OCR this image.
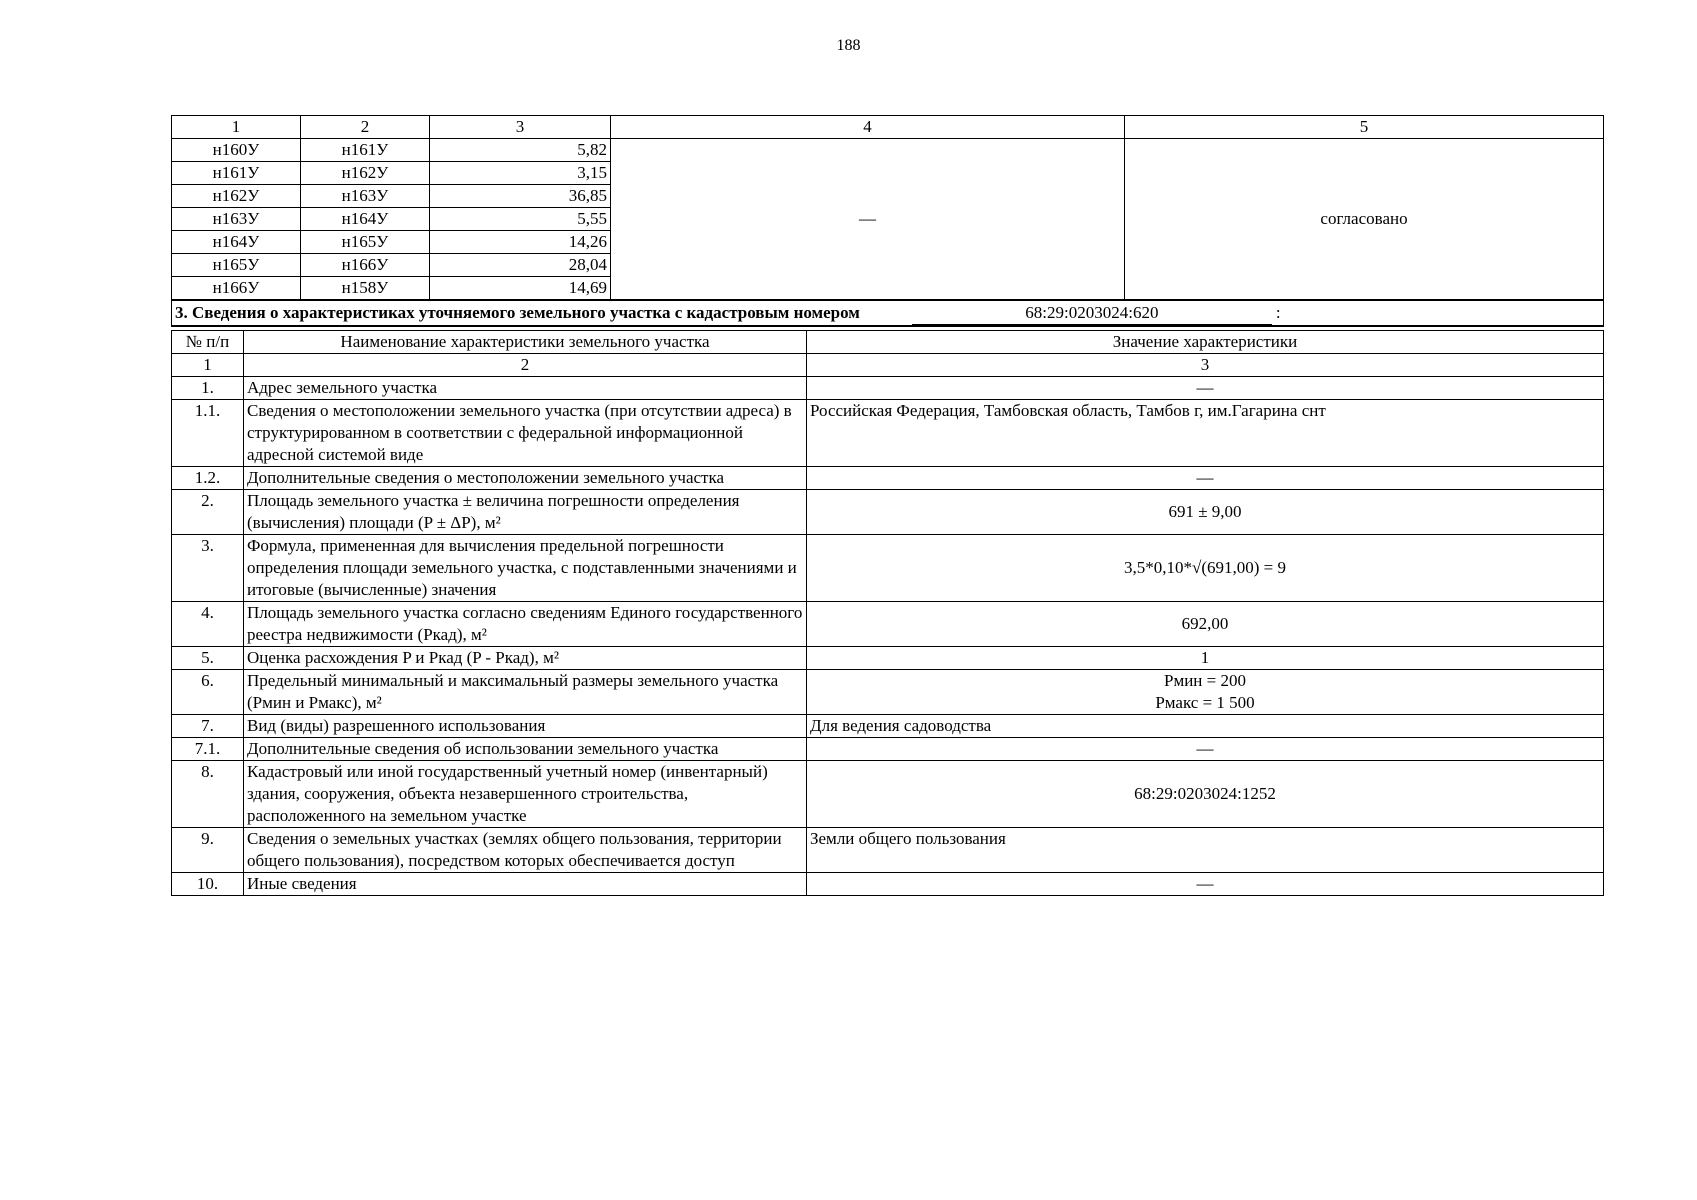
188
1	2	3	4	5
н160У	н161У	5,82	—	согласовано
н161У	н162У	3,15		
н162У	н163У	36,85		
н163У	н164У	5,55		
н164У	н165У	14,26		
н165У	н166У	28,04		
н166У	н158У	14,69		
3. Сведения о характеристиках уточняемого земельного участка с кадастровым номером 68:29:0203024:620 :				
№ п/п	Наименование характеристики земельного участка	Значение характеристики
1	2	3
1.	Адрес земельного участка	—
1.1.	Сведения о местоположении земельного участка (при отсутствии адреса) в структурированном в соответствии с федеральной информационной адресной системой виде	Российская Федерация, Тамбовская область, Тамбов г, им.Гагарина снт
1.2.	Дополнительные сведения о местоположении земельного участка	—
2.	Площадь земельного участка ± величина погрешности определения (вычисления) площади (P ± ΔP), м²	691 ± 9,00
3.	Формула, примененная для вычисления предельной погрешности определения площади земельного участка, с подставленными значениями и итоговые (вычисленные) значения	3,5*0,10*√(691,00) = 9
4.	Площадь земельного участка согласно сведениям Единого государственного реестра недвижимости (Ркад), м²	692,00
5.	Оценка расхождения P и Ркад (P - Ркад), м²	1
6.	Предельный минимальный и максимальный размеры земельного участка (Рмин и Рмакс), м²	Рмин = 200
Рмакс = 1 500

7.	Вид (виды) разрешенного использования	Для ведения садоводства
7.1.	Дополнительные сведения об использовании земельного участка	—
8.	Кадастровый или иной государственный учетный номер (инвентарный) здания, сооружения, объекта незавершенного строительства, расположенного на земельном участке	68:29:0203024:1252
9.	Сведения о земельных участках (землях общего пользования, территории общего пользования), посредством которых обеспечивается доступ	Земли общего пользования
10.	Иные сведения	—
